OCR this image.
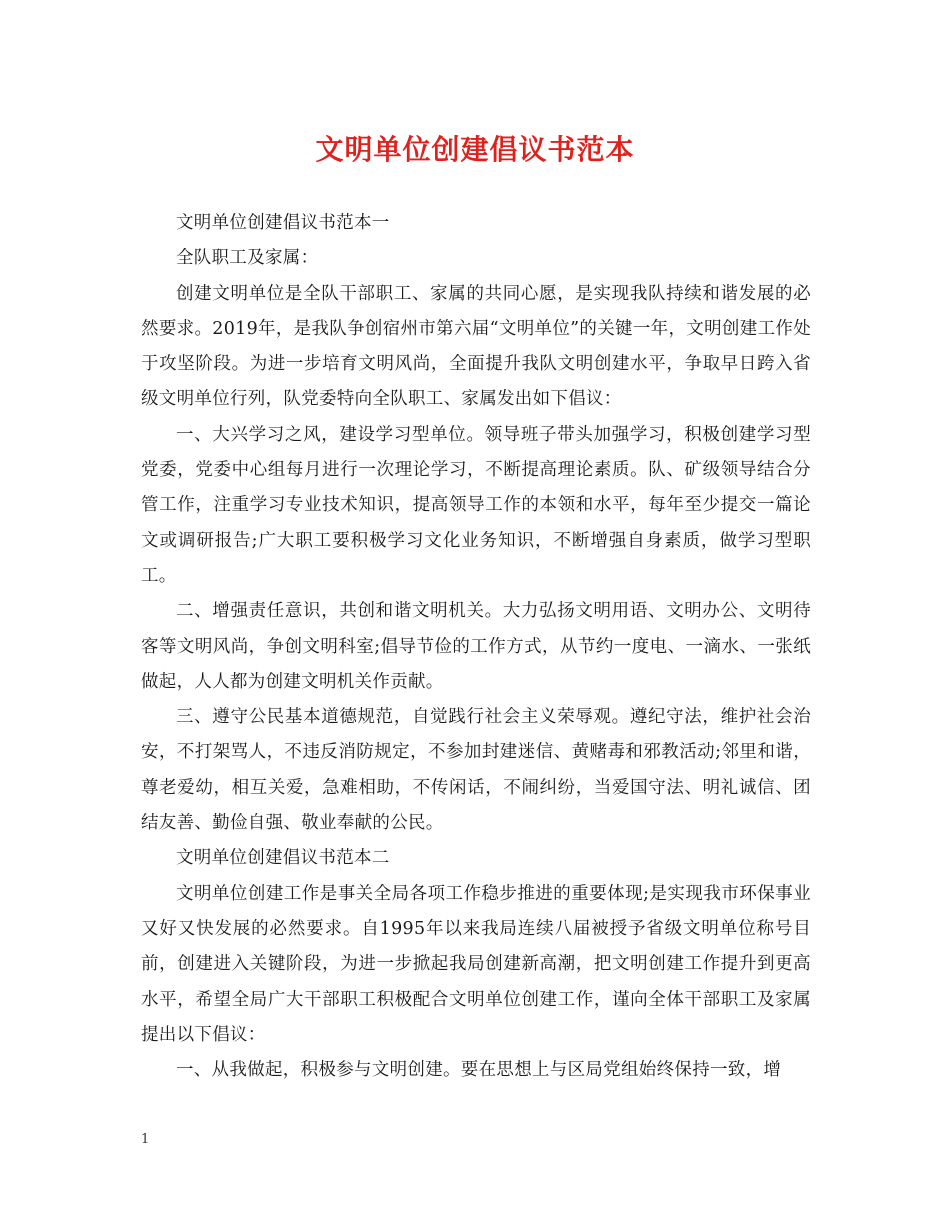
文明单位创建倡议书范本

文明单位创建倡议书范本一

全队职工及家属：

创建文明单位是全队干部职工、家属的共同心愿，是实现我队持续和谐发展的必然要求。2019年，是我队争创宿州市第六届“文明单位”的关键一年，文明创建工作处于攻坚阶段。为进一步培育文明风尚，全面提升我队文明创建水平，争取早日跨入省级文明单位行列，队党委特向全队职工、家属发出如下倡议：

一、大兴学习之风，建设学习型单位。领导班子带头加强学习，积极创建学习型党委，党委中心组每月进行一次理论学习，不断提高理论素质。队、矿级领导结合分管工作，注重学习专业技术知识，提高领导工作的本领和水平，每年至少提交一篇论文或调研报告;广大职工要积极学习文化业务知识，不断增强自身素质，做学习型职工。

二、增强责任意识，共创和谐文明机关。大力弘扬文明用语、文明办公、文明待客等文明风尚，争创文明科室;倡导节俭的工作方式，从节约一度电、一滴水、一张纸做起，人人都为创建文明机关作贡献。

三、遵守公民基本道德规范，自觉践行社会主义荣辱观。遵纪守法，维护社会治安，不打架骂人，不违反消防规定，不参加封建迷信、黄赌毒和邪教活动;邻里和谐，尊老爱幼，相互关爱，急难相助，不传闲话，不闹纠纷，当爱国守法、明礼诚信、团结友善、勤俭自强、敬业奉献的公民。

文明单位创建倡议书范本二

文明单位创建工作是事关全局各项工作稳步推进的重要体现;是实现我市环保事业又好又快发展的必然要求。自1995年以来我局连续八届被授予省级文明单位称号目前，创建进入关键阶段，为进一步掀起我局创建新高潮，把文明创建工作提升到更高水平，希望全局广大干部职工积极配合文明单位创建工作，谨向全体干部职工及家属提出以下倡议：

一、从我做起，积极参与文明创建。要在思想上与区局党组始终保持一致，增

1
